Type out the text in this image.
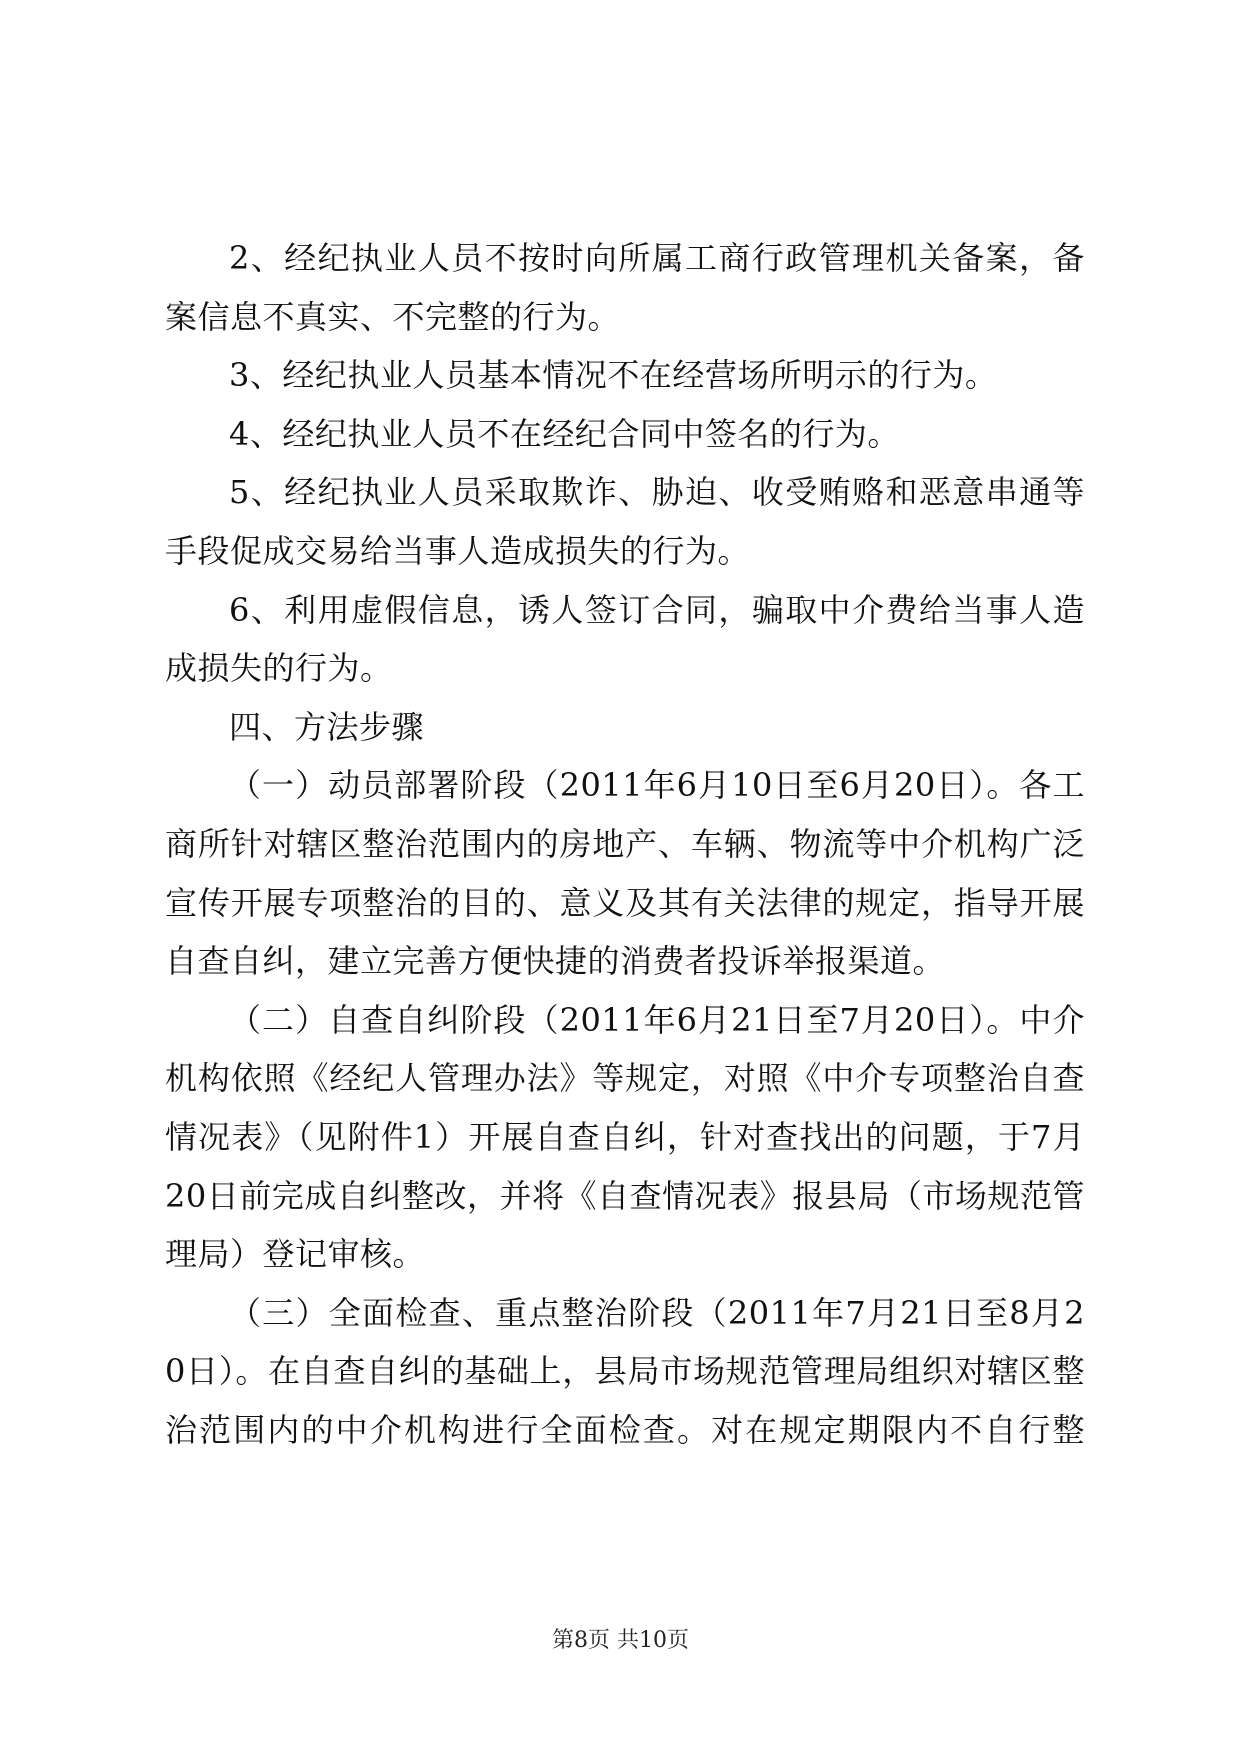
2、经纪执业人员不按时向所属工商行政管理机关备案，备案信息不真实、不完整的行为。

3、经纪执业人员基本情况不在经营场所明示的行为。

4、经纪执业人员不在经纪合同中签名的行为。

5、经纪执业人员采取欺诈、胁迫、收受贿赂和恶意串通等手段促成交易给当事人造成损失的行为。

6、利用虚假信息，诱人签订合同，骗取中介费给当事人造成损失的行为。

四、方法步骤

（一）动员部署阶段（2011年6月10日至6月20日）。各工商所针对辖区整治范围内的房地产、车辆、物流等中介机构广泛宣传开展专项整治的目的、意义及其有关法律的规定，指导开展自查自纠，建立完善方便快捷的消费者投诉举报渠道。

（二）自查自纠阶段（2011年6月21日至7月20日）。中介机构依照《经纪人管理办法》等规定，对照《中介专项整治自查情况表》（见附件1）开展自查自纠，针对查找出的问题，于7月20日前完成自纠整改，并将《自查情况表》报县局（市场规范管理局）登记审核。

（三）全面检查、重点整治阶段（2011年7月21日至8月20日）。在自查自纠的基础上，县局市场规范管理局组织对辖区整治范围内的中介机构进行全面检查。对在规定期限内不自行整

第8页 共10页
